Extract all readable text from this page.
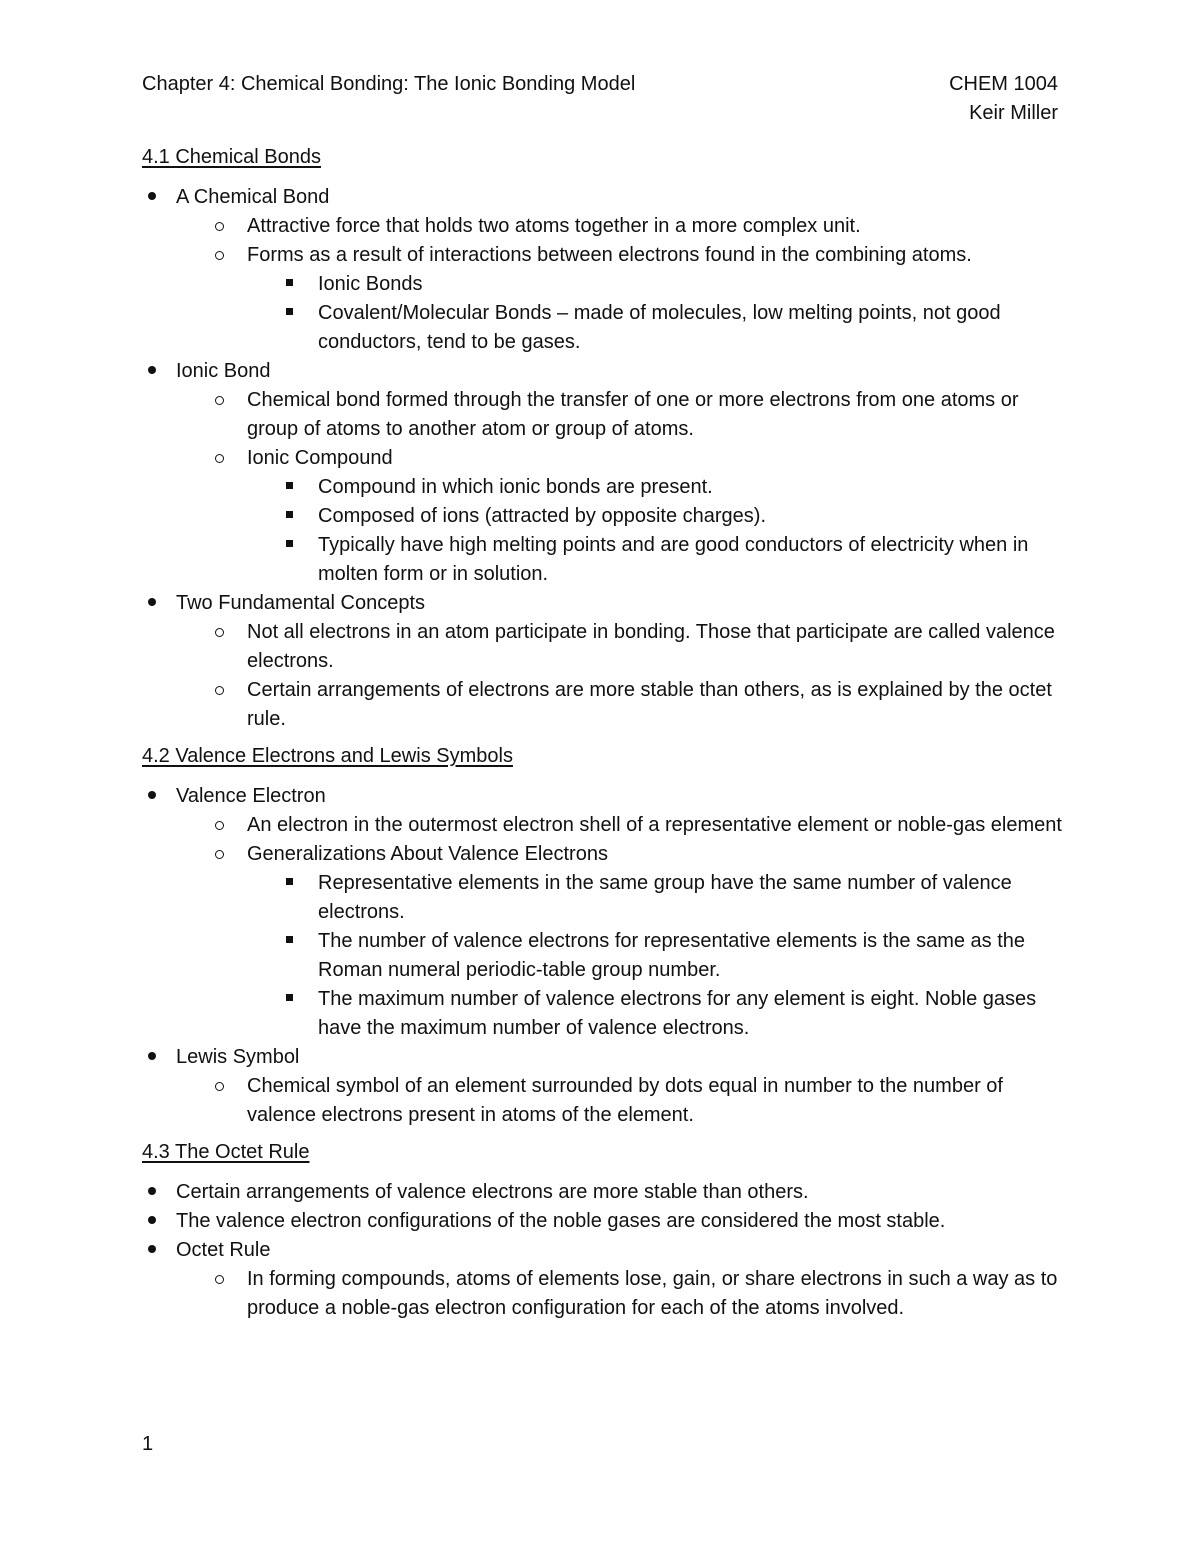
Chapter 4: Chemical Bonding: The Ionic Bonding Model	CHEM 1004
Keir Miller
4.1 Chemical Bonds
A Chemical Bond
Attractive force that holds two atoms together in a more complex unit.
Forms as a result of interactions between electrons found in the combining atoms.
Ionic Bonds
Covalent/Molecular Bonds – made of molecules, low melting points, not good conductors, tend to be gases.
Ionic Bond
Chemical bond formed through the transfer of one or more electrons from one atoms or group of atoms to another atom or group of atoms.
Ionic Compound
Compound in which ionic bonds are present.
Composed of ions (attracted by opposite charges).
Typically have high melting points and are good conductors of electricity when in molten form or in solution.
Two Fundamental Concepts
Not all electrons in an atom participate in bonding. Those that participate are called valence electrons.
Certain arrangements of electrons are more stable than others, as is explained by the octet rule.
4.2 Valence Electrons and Lewis Symbols
Valence Electron
An electron in the outermost electron shell of a representative element or noble-gas element
Generalizations About Valence Electrons
Representative elements in the same group have the same number of valence electrons.
The number of valence electrons for representative elements is the same as the Roman numeral periodic-table group number.
The maximum number of valence electrons for any element is eight. Noble gases have the maximum number of valence electrons.
Lewis Symbol
Chemical symbol of an element surrounded by dots equal in number to the number of valence electrons present in atoms of the element.
4.3 The Octet Rule
Certain arrangements of valence electrons are more stable than others.
The valence electron configurations of the noble gases are considered the most stable.
Octet Rule
In forming compounds, atoms of elements lose, gain, or share electrons in such a way as to produce a noble-gas electron configuration for each of the atoms involved.
1
